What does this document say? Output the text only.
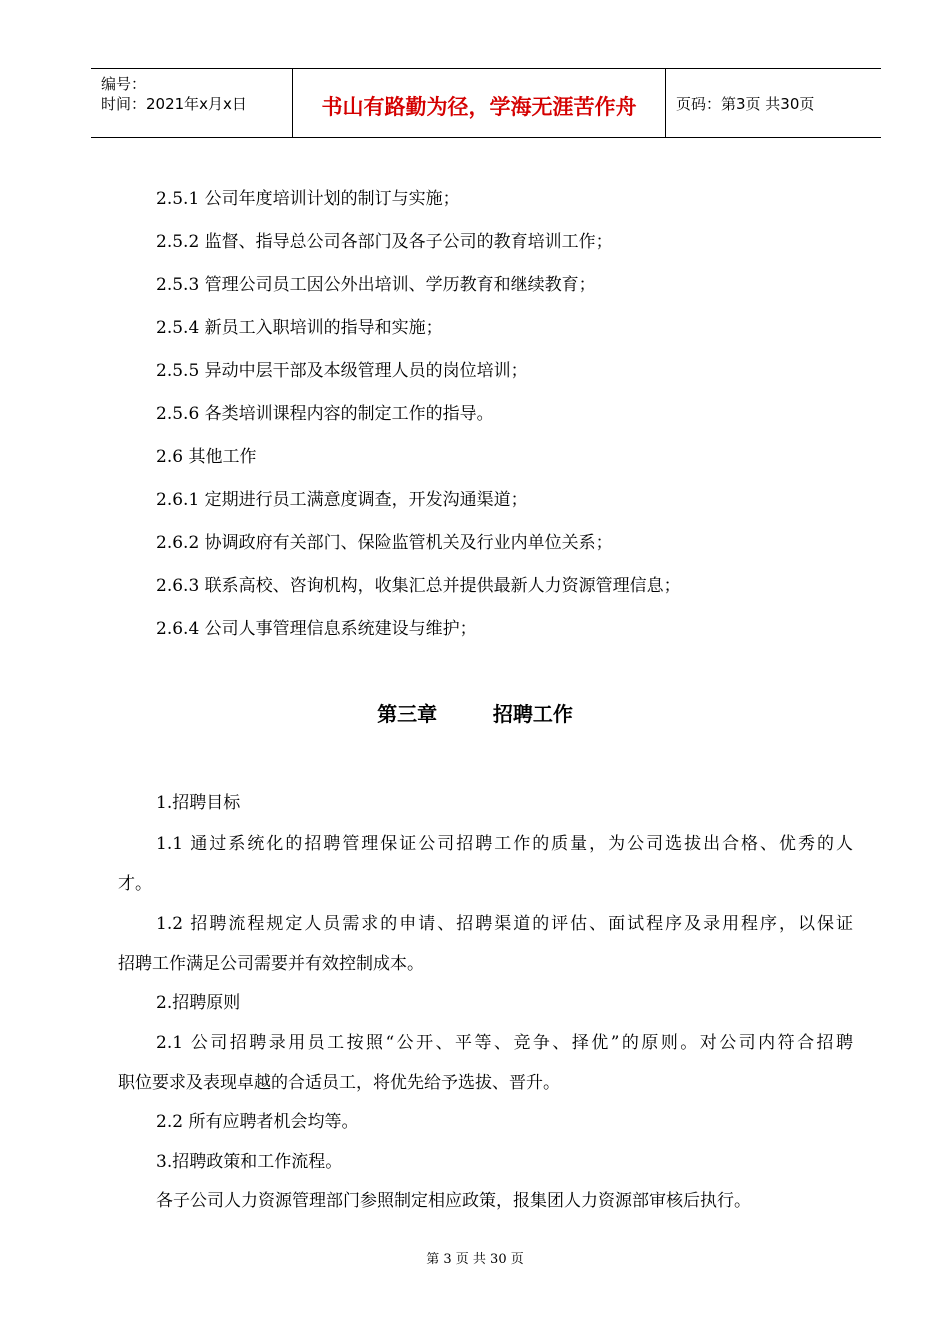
编号：
时间：2021年x月x日	书山有路勤为径，学海无涯苦作舟	页码：第3页 共30页
2.5.1 公司年度培训计划的制订与实施；
2.5.2 监督、指导总公司各部门及各子公司的教育培训工作；
2.5.3 管理公司员工因公外出培训、学历教育和继续教育；
2.5.4 新员工入职培训的指导和实施；
2.5.5 异动中层干部及本级管理人员的岗位培训；
2.5.6 各类培训课程内容的制定工作的指导。
2.6 其他工作
2.6.1 定期进行员工满意度调查，开发沟通渠道；
2.6.2 协调政府有关部门、保险监管机关及行业内单位关系；
2.6.3 联系高校、咨询机构，收集汇总并提供最新人力资源管理信息；
2.6.4 公司人事管理信息系统建设与维护；
第三章        招聘工作
1.招聘目标
1.1 通过系统化的招聘管理保证公司招聘工作的质量，为公司选拔出合格、优秀的人
才。
1.2 招聘流程规定人员需求的申请、招聘渠道的评估、面试程序及录用程序，以保证
招聘工作满足公司需要并有效控制成本。
2.招聘原则
2.1 公司招聘录用员工按照“公开、平等、竞争、择优”的原则。对公司内符合招聘
职位要求及表现卓越的合适员工，将优先给予选拔、晋升。
2.2 所有应聘者机会均等。
3.招聘政策和工作流程。
各子公司人力资源管理部门参照制定相应政策，报集团人力资源部审核后执行。
第 3 页 共 30 页
